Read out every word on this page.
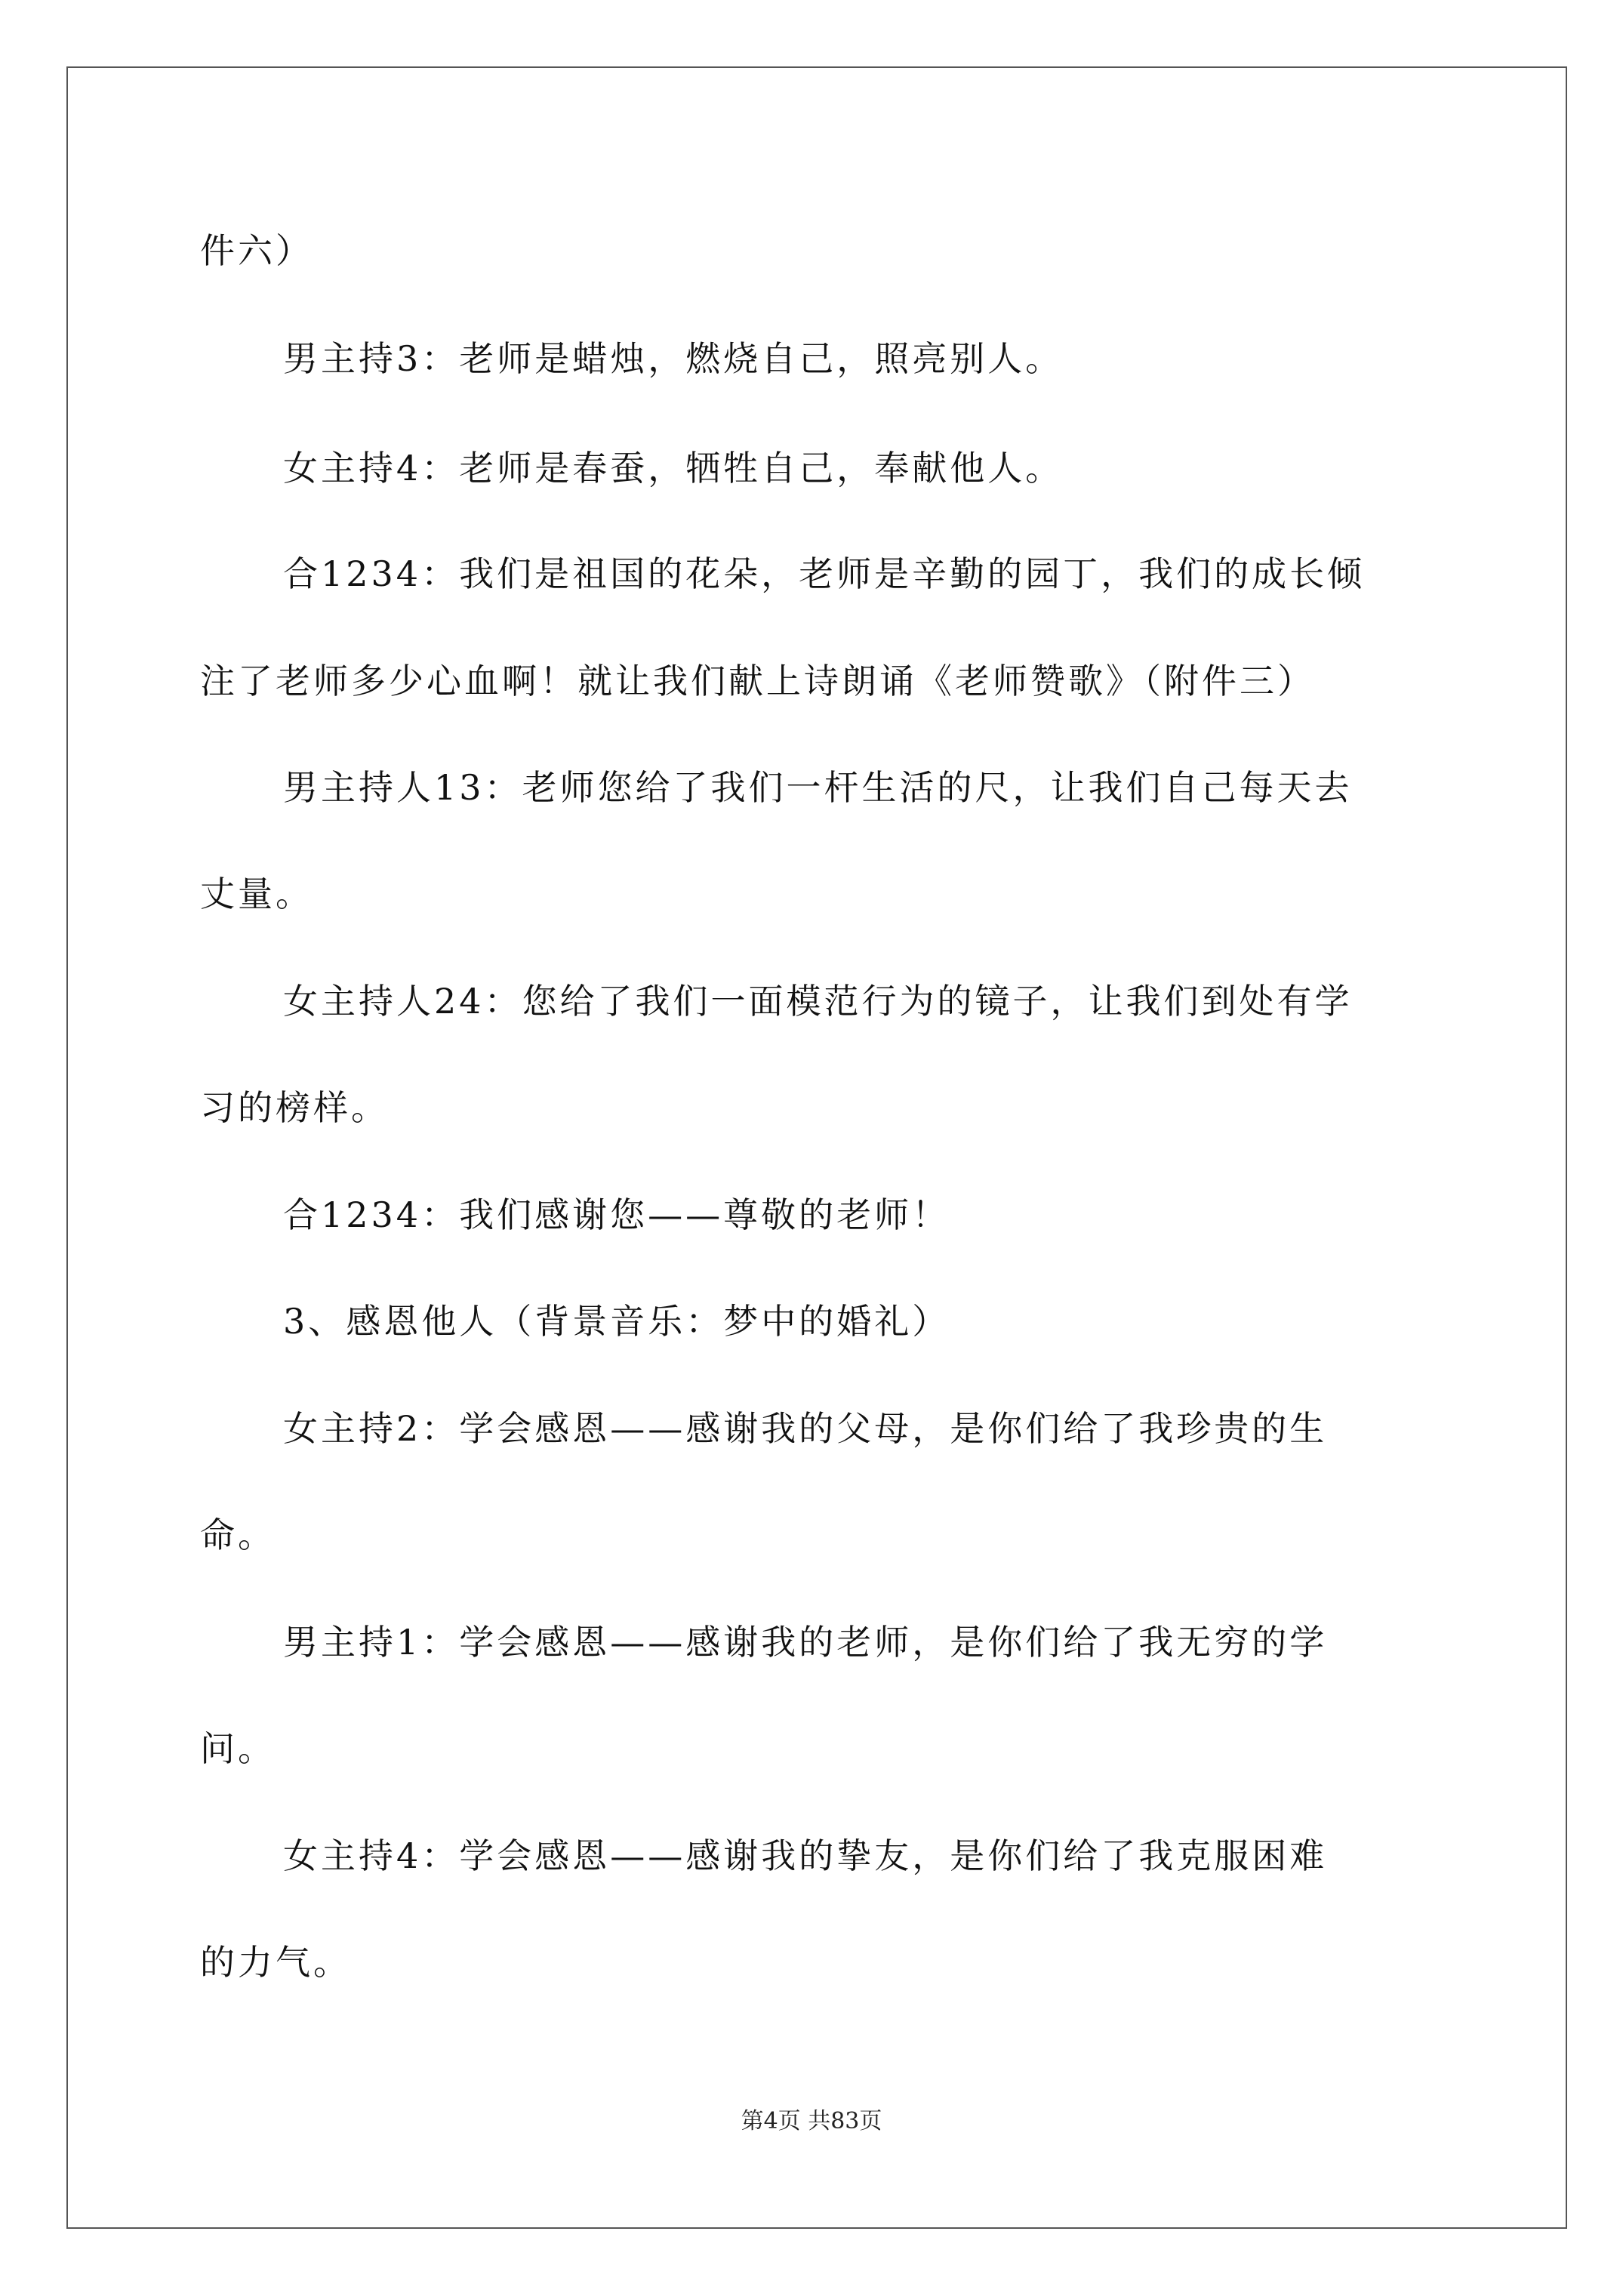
件六）
男主持3：老师是蜡烛，燃烧自己，照亮别人。
女主持4：老师是春蚕，牺牲自己，奉献他人。
合1234：我们是祖国的花朵，老师是辛勤的园丁，我们的成长倾
注了老师多少心血啊！就让我们献上诗朗诵《老师赞歌》（附件三）
男主持人13：老师您给了我们一杆生活的尺，让我们自己每天去
丈量。
女主持人24：您给了我们一面模范行为的镜子，让我们到处有学
习的榜样。
合1234：我们感谢您——尊敬的老师！
3、感恩他人（背景音乐：梦中的婚礼）
女主持2：学会感恩——感谢我的父母，是你们给了我珍贵的生
命。
男主持1：学会感恩——感谢我的老师，是你们给了我无穷的学
问。
女主持4：学会感恩——感谢我的挚友，是你们给了我克服困难
的力气。
第4页 共83页
